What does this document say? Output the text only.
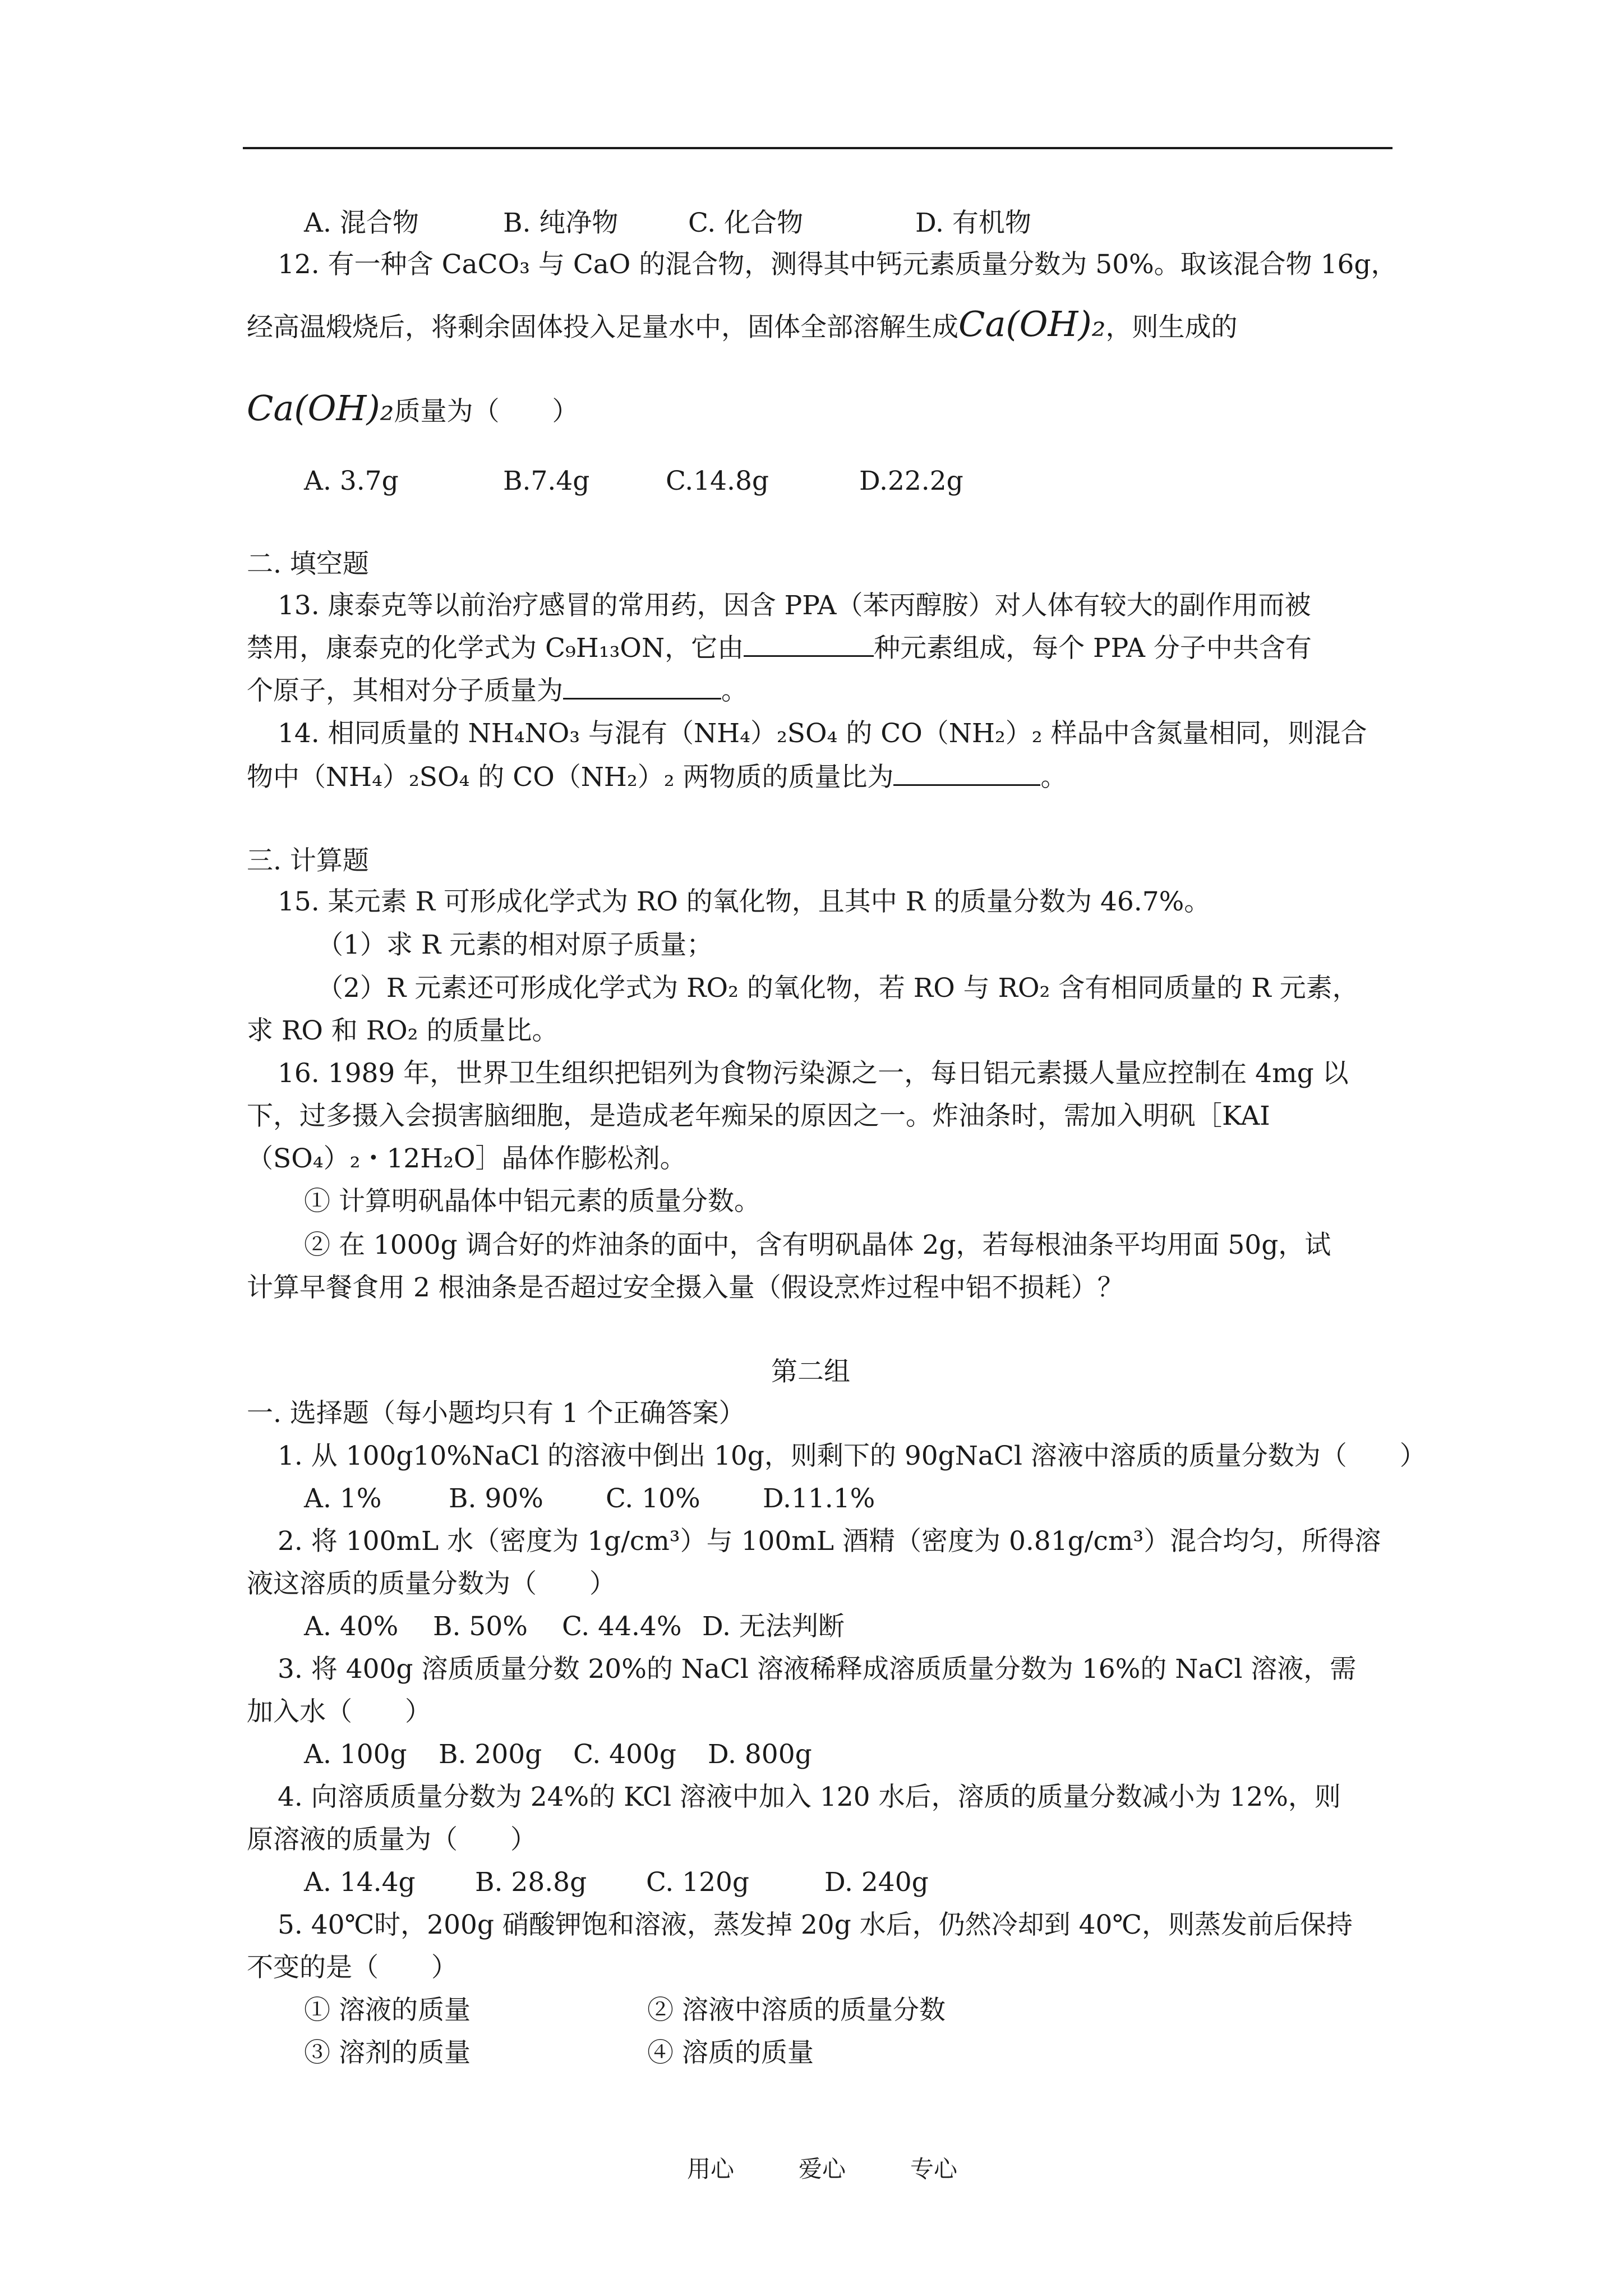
A. 混合物	B. 纯净物	C. 化合物	D. 有机物
12. 有一种含 CaCO₃ 与 CaO 的混合物，测得其中钙元素质量分数为 50%。取该混合物 16g，
经高温煅烧后，将剩余固体投入足量水中，固体全部溶解生成Ca(OH)₂，则生成的
Ca(OH)₂质量为（　　）
A. 3.7g	B.7.4g	C.14.8g	D.22.2g
二. 填空题
13. 康泰克等以前治疗感冒的常用药，因含 PPA（苯丙醇胺）对人体有较大的副作用而被
禁用，康泰克的化学式为 C₉H₁₃ON，它由	种元素组成，每个 PPA 分子中共含有
个原子，其相对分子质量为	。
14. 相同质量的 NH₄NO₃ 与混有（NH₄）₂SO₄ 的 CO（NH₂）₂ 样品中含氮量相同，则混合
物中（NH₄）₂SO₄ 的 CO（NH₂）₂ 两物质的质量比为	。
三. 计算题
15. 某元素 R 可形成化学式为 RO 的氧化物，且其中 R 的质量分数为 46.7%。
（1）求 R 元素的相对原子质量；
（2）R 元素还可形成化学式为 RO₂ 的氧化物，若 RO 与 RO₂ 含有相同质量的 R 元素，
求 RO 和 RO₂ 的质量比。
16. 1989 年，世界卫生组织把铝列为食物污染源之一，每日铝元素摄人量应控制在 4mg 以
下，过多摄入会损害脑细胞，是造成老年痴呆的原因之一。炸油条时，需加入明矾［KAI
（SO₄）₂・12H₂O］晶体作膨松剂。
① 计算明矾晶体中铝元素的质量分数。
② 在 1000g 调合好的炸油条的面中，含有明矾晶体 2g，若每根油条平均用面 50g，试
计算早餐食用 2 根油条是否超过安全摄入量（假设烹炸过程中铝不损耗）？
第二组
一. 选择题（每小题均只有 1 个正确答案）
1. 从 100g10%NaCl 的溶液中倒出 10g，则剩下的 90gNaCl 溶液中溶质的质量分数为（　　）
A. 1%	B. 90% C. 10% D.11.1%
2. 将 100mL 水（密度为 1g/cm³）与 100mL 酒精（密度为 0.81g/cm³）混合均匀，所得溶
液这溶质的质量分数为（　　）
A. 40% B. 50% C. 44.4% D. 无法判断
3. 将 400g 溶质质量分数 20%的 NaCl 溶液稀释成溶质质量分数为 16%的 NaCl 溶液，需
加入水（　　）
A. 100g B. 200g C. 400g D. 800g
4. 向溶质质量分数为 24%的 KCl 溶液中加入 120 水后，溶质的质量分数减小为 12%，则
原溶液的质量为（　　）
A. 14.4g B. 28.8g C. 120g	D. 240g
5. 40℃时，200g 硝酸钾饱和溶液，蒸发掉 20g 水后，仍然冷却到 40℃，则蒸发前后保持
不变的是（　　）
① 溶液的质量	② 溶液中溶质的质量分数
③ 溶剂的质量	④ 溶质的质量
用心	爱心	专心
